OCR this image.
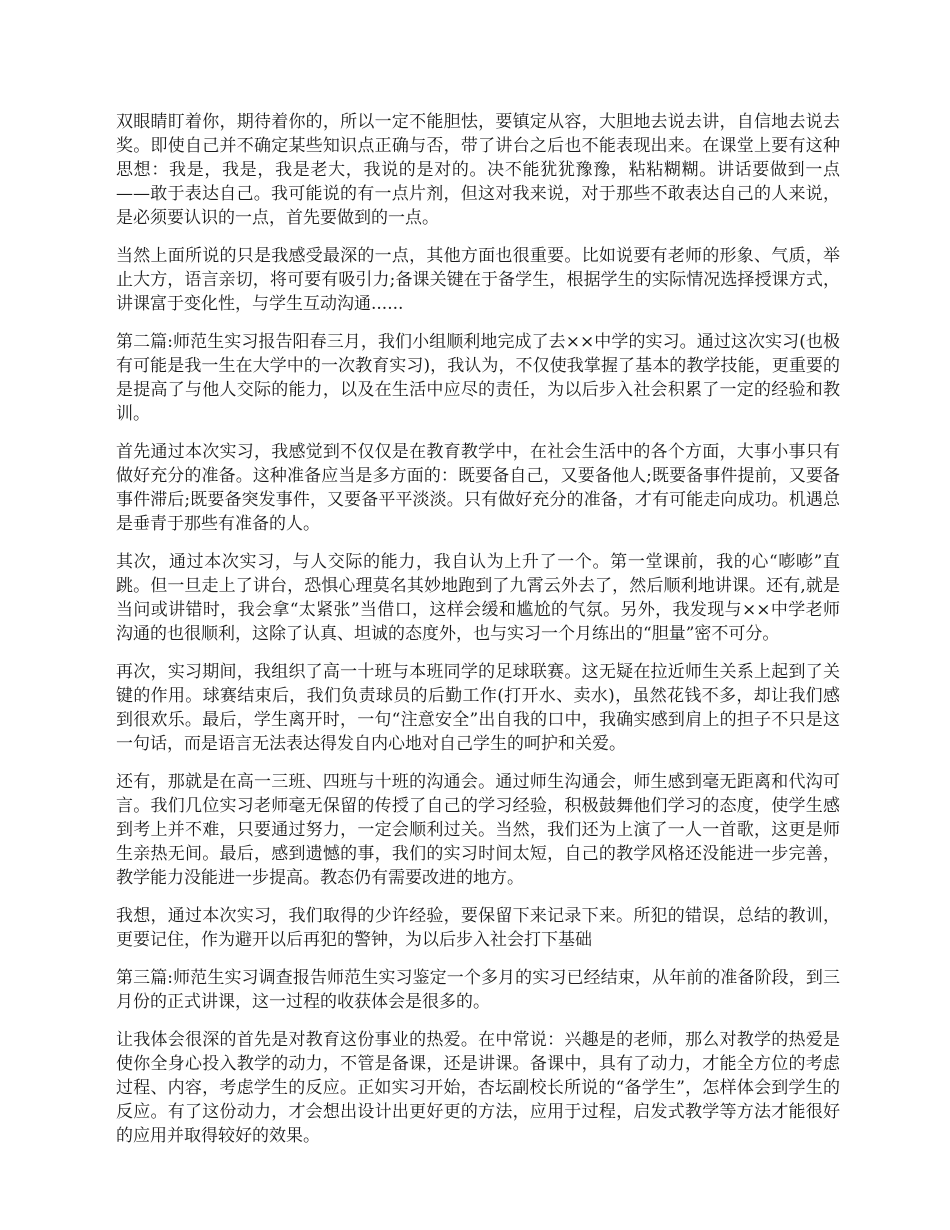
双眼睛盯着你，期待着你的，所以一定不能胆怯，要镇定从容，大胆地去说去讲，自信地去说去奖。即使自己并不确定某些知识点正确与否，带了讲台之后也不能表现出来。在课堂上要有这种思想：我是，我是，我是老大，我说的是对的。决不能犹犹豫豫，粘粘糊糊。讲话要做到一点——敢于表达自己。我可能说的有一点片剂，但这对我来说，对于那些不敢表达自己的人来说，是必须要认识的一点，首先要做到的一点。

当然上面所说的只是我感受最深的一点，其他方面也很重要。比如说要有老师的形象、气质，举止大方，语言亲切，将可要有吸引力;备课关键在于备学生，根据学生的实际情况选择授课方式，讲课富于变化性，与学生互动沟通......

第二篇:师范生实习报告阳春三月，我们小组顺利地完成了去××中学的实习。通过这次实习(也极有可能是我一生在大学中的一次教育实习)，我认为，不仅使我掌握了基本的教学技能，更重要的是提高了与他人交际的能力，以及在生活中应尽的责任，为以后步入社会积累了一定的经验和教训。

首先通过本次实习，我感觉到不仅仅是在教育教学中，在社会生活中的各个方面，大事小事只有做好充分的准备。这种准备应当是多方面的：既要备自己，又要备他人;既要备事件提前，又要备事件滞后;既要备突发事件，又要备平平淡淡。只有做好充分的准备，才有可能走向成功。机遇总是垂青于那些有准备的人。

其次，通过本次实习，与人交际的能力，我自认为上升了一个。第一堂课前，我的心“嘭嘭”直跳。但一旦走上了讲台，恐惧心理莫名其妙地跑到了九霄云外去了，然后顺利地讲课。还有,就是当问或讲错时，我会拿“太紧张”当借口，这样会缓和尴尬的气氛。另外，我发现与××中学老师沟通的也很顺利，这除了认真、坦诚的态度外，也与实习一个月练出的“胆量”密不可分。

再次，实习期间，我组织了高一十班与本班同学的足球联赛。这无疑在拉近师生关系上起到了关键的作用。球赛结束后，我们负责球员的后勤工作(打开水、卖水)，虽然花钱不多，却让我们感到很欢乐。最后，学生离开时，一句“注意安全”出自我的口中，我确实感到肩上的担子不只是这一句话，而是语言无法表达得发自内心地对自己学生的呵护和关爱。

还有，那就是在高一三班、四班与十班的沟通会。通过师生沟通会，师生感到毫无距离和代沟可言。我们几位实习老师毫无保留的传授了自己的学习经验，积极鼓舞他们学习的态度，使学生感到考上并不难，只要通过努力，一定会顺利过关。当然，我们还为上演了一人一首歌，这更是师生亲热无间。最后，感到遗憾的事，我们的实习时间太短，自己的教学风格还没能进一步完善，教学能力没能进一步提高。教态仍有需要改进的地方。

我想，通过本次实习，我们取得的少许经验，要保留下来记录下来。所犯的错误，总结的教训，更要记住，作为避开以后再犯的警钟，为以后步入社会打下基础

第三篇:师范生实习调查报告师范生实习鉴定一个多月的实习已经结束，从年前的准备阶段，到三月份的正式讲课，这一过程的收获体会是很多的。

让我体会很深的首先是对教育这份事业的热爱。在中常说：兴趣是的老师，那么对教学的热爱是使你全身心投入教学的动力，不管是备课，还是讲课。备课中，具有了动力，才能全方位的考虑过程、内容，考虑学生的反应。正如实习开始，杏坛副校长所说的“备学生”，怎样体会到学生的反应。有了这份动力，才会想出设计出更好更的方法，应用于过程，启发式教学等方法才能很好的应用并取得较好的效果。
